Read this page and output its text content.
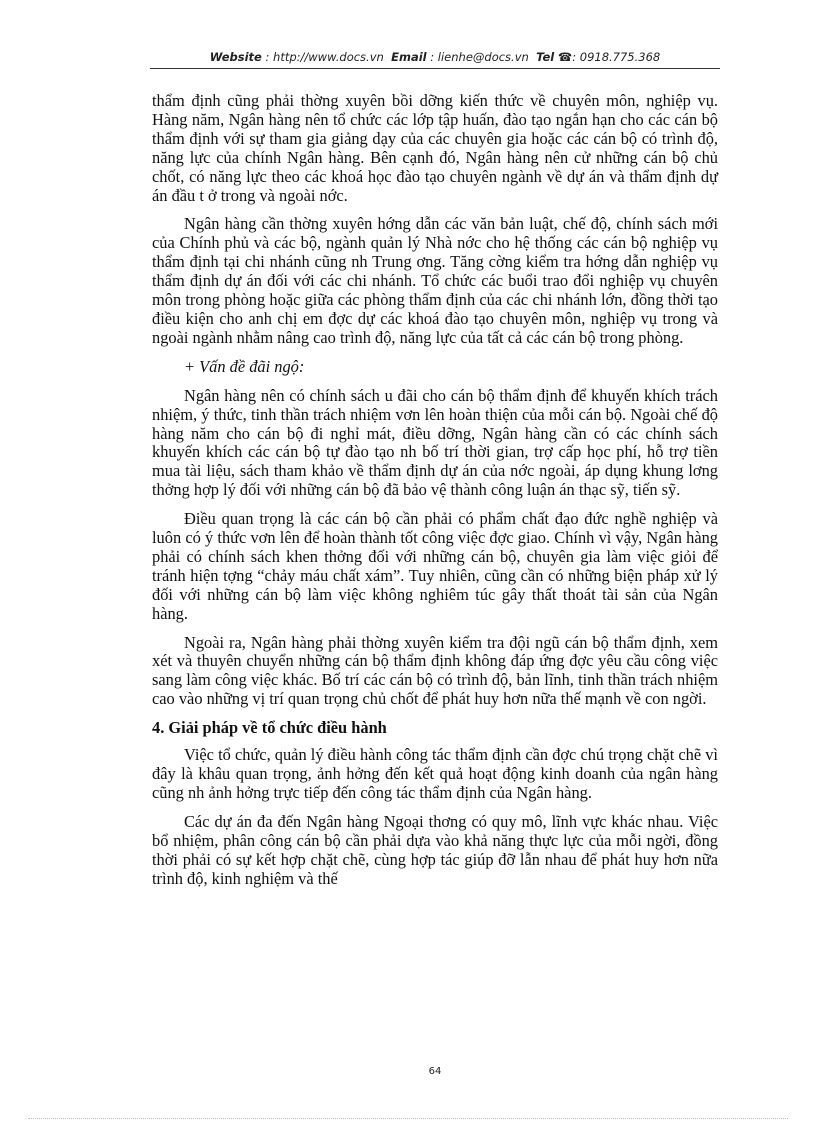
Website : http://www.docs.vn Email : lienhe@docs.vn Tel ☎: 0918.775.368

thẩm định cũng phải thờng xuyên bồi dỡng kiến thức về chuyên môn, nghiệp vụ. Hàng năm, Ngân hàng nên tổ chức các lớp tập huấn, đào tạo ngắn hạn cho các cán bộ thẩm định với sự tham gia giảng dạy của các chuyên gia hoặc các cán bộ có trình độ, năng lực của chính Ngân hàng. Bên cạnh đó, Ngân hàng nên cử những cán bộ chủ chốt, có năng lực theo các khoá học đào tạo chuyên ngành về dự án và thẩm định dự án đầu t ở trong và ngoài nớc.

Ngân hàng cần thờng xuyên hớng dẫn các văn bản luật, chế độ, chính sách mới của Chính phủ và các bộ, ngành quản lý Nhà nớc cho hệ thống các cán bộ nghiệp vụ thẩm định tại chi nhánh cũng nh Trung ơng. Tăng cờng kiểm tra hớng dẫn nghiệp vụ thẩm định dự án đối với các chi nhánh. Tổ chức các buổi trao đổi nghiệp vụ chuyên môn trong phòng hoặc giữa các phòng thẩm định của các chi nhánh lớn, đồng thời tạo điều kiện cho anh chị em đợc dự các khoá đào tạo chuyên môn, nghiệp vụ trong và ngoài ngành nhằm nâng cao trình độ, năng lực của tất cả các cán bộ trong phòng.

+ Vấn đề đãi ngộ:

Ngân hàng nên có chính sách u đãi cho cán bộ thẩm định để khuyến khích trách nhiệm, ý thức, tinh thần trách nhiệm vơn lên hoàn thiện của mỗi cán bộ. Ngoài chế độ hàng năm cho cán bộ đi nghỉ mát, điều dỡng, Ngân hàng cần có các chính sách khuyến khích các cán bộ tự đào tạo nh bố trí thời gian, trợ cấp học phí, hỗ trợ tiền mua tài liệu, sách tham khảo về thẩm định dự án của nớc ngoài, áp dụng khung lơng thởng hợp lý đối với những cán bộ đã bảo vệ thành công luận án thạc sỹ, tiến sỹ.

Điều quan trọng là các cán bộ cần phải có phẩm chất đạo đức nghề nghiệp và luôn có ý thức vơn lên để hoàn thành tốt công việc đợc giao. Chính vì vậy, Ngân hàng phải có chính sách khen thởng đối với những cán bộ, chuyên gia làm việc giỏi để tránh hiện tợng “chảy máu chất xám”. Tuy nhiên, cũng cần có những biện pháp xử lý đối với những cán bộ làm việc không nghiêm túc gây thất thoát tài sản của Ngân hàng.

Ngoài ra, Ngân hàng phải thờng xuyên kiểm tra đội ngũ cán bộ thẩm định, xem xét và thuyên chuyển những cán bộ thẩm định không đáp ứng đợc yêu cầu công việc sang làm công việc khác. Bố trí các cán bộ có trình độ, bản lĩnh, tinh thần trách nhiệm cao vào những vị trí quan trọng chủ chốt để phát huy hơn nữa thế mạnh về con ngời.

4. Giải pháp về tổ chức điều hành

Việc tổ chức, quản lý điều hành công tác thẩm định cần đợc chú trọng chặt chẽ vì đây là khâu quan trọng, ảnh hởng đến kết quả hoạt động kinh doanh của ngân hàng cũng nh ảnh hởng trực tiếp đến công tác thẩm định của Ngân hàng.

Các dự án đa đến Ngân hàng Ngoại thơng có quy mô, lĩnh vực khác nhau. Việc bổ nhiệm, phân công cán bộ cần phải dựa vào khả năng thực lực của mỗi ngời, đồng thời phải có sự kết hợp chặt chẽ, cùng hợp tác giúp đỡ lẫn nhau để phát huy hơn nữa trình độ, kinh nghiệm và thế

64
